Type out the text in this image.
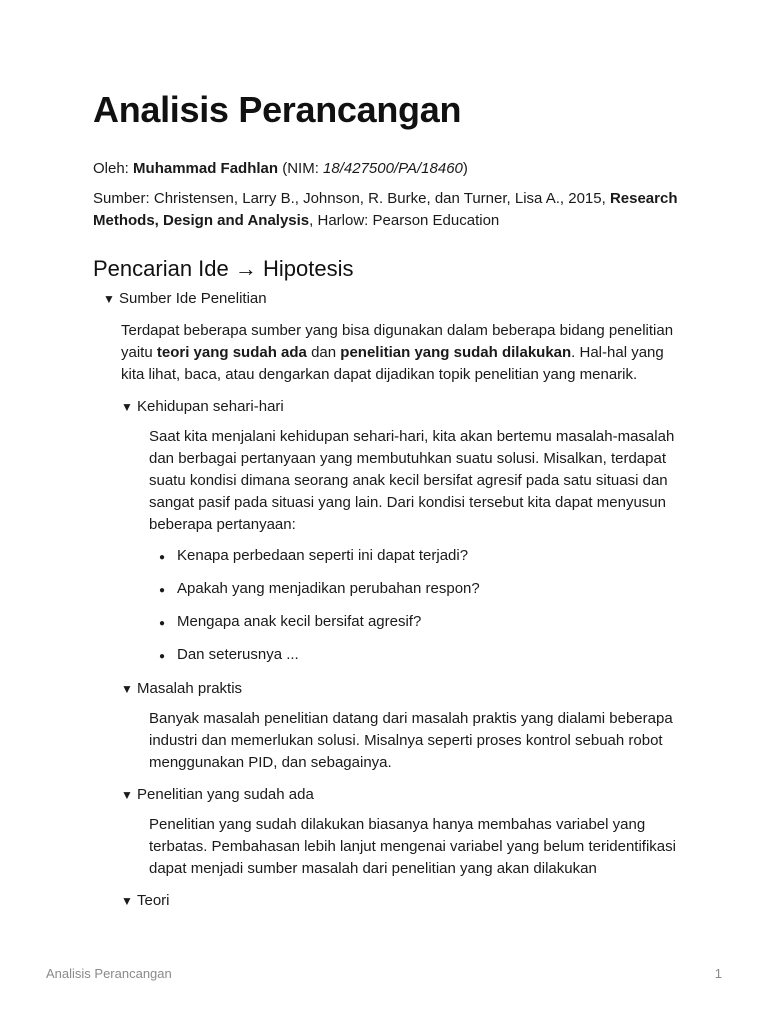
Analisis Perancangan

Oleh: Muhammad Fadhlan (NIM: 18/427500/PA/18460)

Sumber: Christensen, Larry B., Johnson, R. Burke, dan Turner, Lisa A., 2015, Research Methods, Design and Analysis, Harlow: Pearson Education

Pencarian Ide → Hipotesis
▼ Sumber Ide Penelitian

Terdapat beberapa sumber yang bisa digunakan dalam beberapa bidang penelitian yaitu teori yang sudah ada dan penelitian yang sudah dilakukan. Hal-hal yang kita lihat, baca, atau dengarkan dapat dijadikan topik penelitian yang menarik.

▼ Kehidupan sehari-hari

Saat kita menjalani kehidupan sehari-hari, kita akan bertemu masalah-masalah dan berbagai pertanyaan yang membutuhkan suatu solusi. Misalkan, terdapat suatu kondisi dimana seorang anak kecil bersifat agresif pada satu situasi dan sangat pasif pada situasi yang lain. Dari kondisi tersebut kita dapat menyusun beberapa pertanyaan:

● Kenapa perbedaan seperti ini dapat terjadi?
● Apakah yang menjadikan perubahan respon?
● Mengapa anak kecil bersifat agresif?
● Dan seterusnya ...
▼ Masalah praktis

Banyak masalah penelitian datang dari masalah praktis yang dialami beberapa industri dan memerlukan solusi. Misalnya seperti proses kontrol sebuah robot menggunakan PID, dan sebagainya.

▼ Penelitian yang sudah ada

Penelitian yang sudah dilakukan biasanya hanya membahas variabel yang terbatas. Pembahasan lebih lanjut mengenai variabel yang belum teridentifikasi dapat menjadi sumber masalah dari penelitian yang akan dilakukan

▼ Teori
Analisis Perancangan	1
